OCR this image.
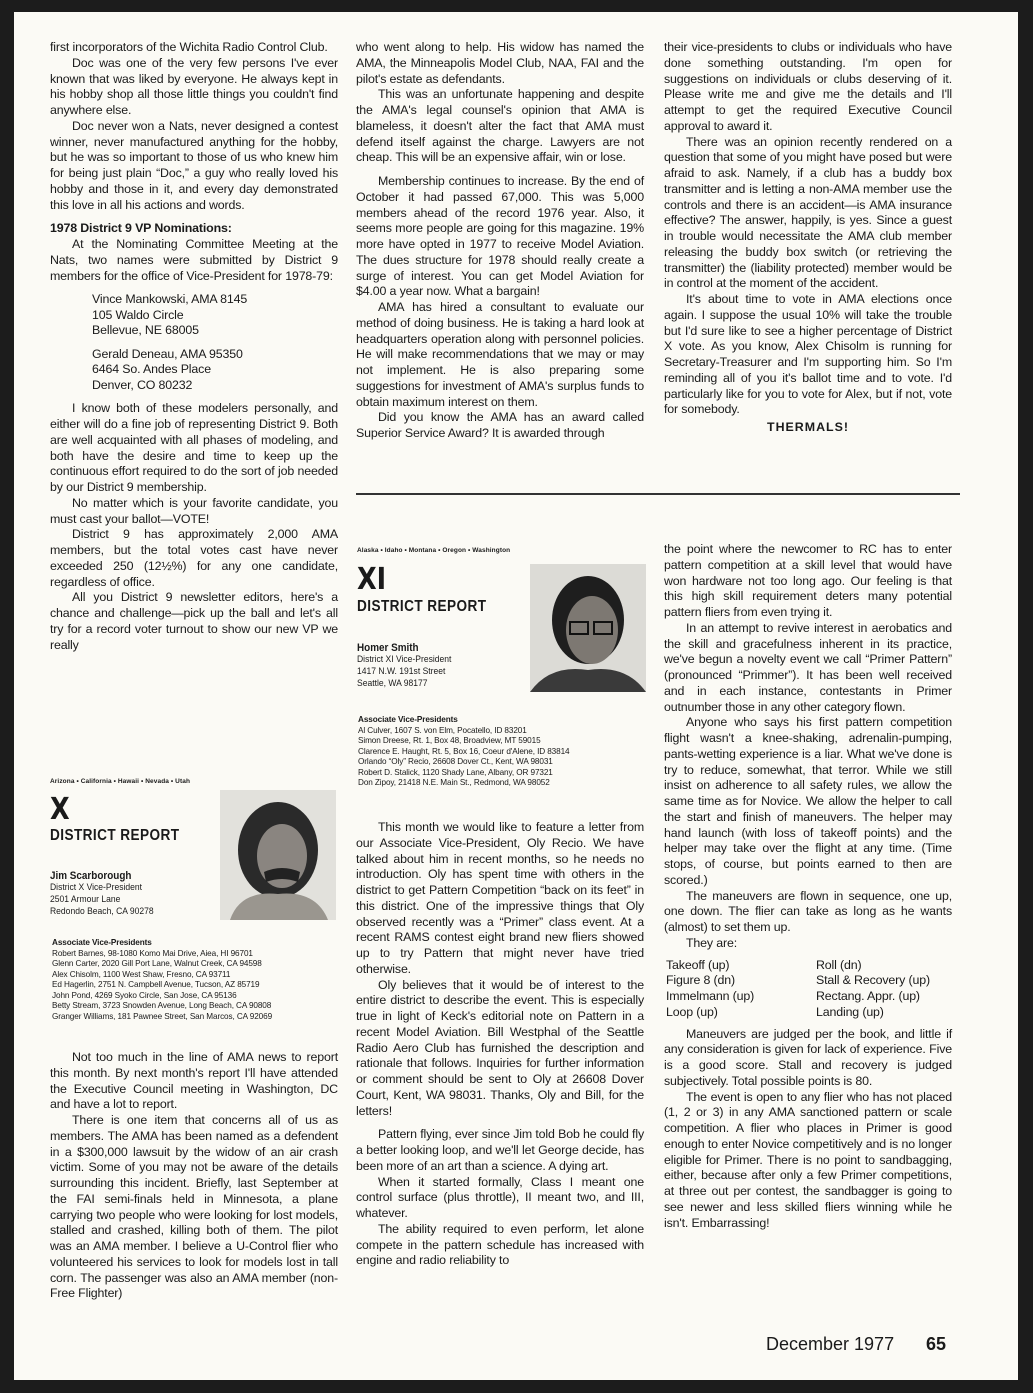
first incorporators of the Wichita Radio Control Club.

Doc was one of the very few persons I've ever known that was liked by everyone. He always kept in his hobby shop all those little things you couldn't find anywhere else.

Doc never won a Nats, never designed a contest winner, never manufactured anything for the hobby, but he was so important to those of us who knew him for being just plain “Doc,” a guy who really loved his hobby and those in it, and every day demonstrated this love in all his actions and words.

1978 District 9 VP Nominations:

At the Nominating Committee Meeting at the Nats, two names were submitted by District 9 members for the office of Vice-President for 1978-79:

Vince Mankowski, AMA 8145
105 Waldo Circle
Bellevue, NE 68005
Gerald Deneau, AMA 95350
6464 So. Andes Place
Denver, CO 80232

I know both of these modelers personally, and either will do a fine job of representing District 9. Both are well acquainted with all phases of modeling, and both have the desire and time to keep up the continuous effort required to do the sort of job needed by our District 9 membership.

No matter which is your favorite candidate, you must cast your ballot—VOTE!

District 9 has approximately 2,000 AMA members, but the total votes cast have never exceeded 250 (12½%) for any one candidate, regardless of office.

All you District 9 newsletter editors, here's a chance and challenge—pick up the ball and let's all try for a record voter turnout to show our new VP we really

who went along to help. His widow has named the AMA, the Minneapolis Model Club, NAA, FAI and the pilot's estate as defendants.

This was an unfortunate happening and despite the AMA's legal counsel's opinion that AMA is blameless, it doesn't alter the fact that AMA must defend itself against the charge. Lawyers are not cheap. This will be an expensive affair, win or lose.

Membership continues to increase. By the end of October it had passed 67,000. This was 5,000 members ahead of the record 1976 year. Also, it seems more people are going for this magazine. 19% more have opted in 1977 to receive Model Aviation. The dues structure for 1978 should really create a surge of interest. You can get Model Aviation for $4.00 a year now. What a bargain!

AMA has hired a consultant to evaluate our method of doing business. He is taking a hard look at headquarters operation along with personnel policies. He will make recommendations that we may or may not implement. He is also preparing some suggestions for investment of AMA's surplus funds to obtain maximum interest on them.

Did you know the AMA has an award called Superior Service Award? It is awarded through

their vice-presidents to clubs or individuals who have done something outstanding. I'm open for suggestions on individuals or clubs deserving of it. Please write me and give me the details and I'll attempt to get the required Executive Council approval to award it.

There was an opinion recently rendered on a question that some of you might have posed but were afraid to ask. Namely, if a club has a buddy box transmitter and is letting a non-AMA member use the controls and there is an accident—is AMA insurance effective? The answer, happily, is yes. Since a guest in trouble would necessitate the AMA club member releasing the buddy box switch (or retrieving the transmitter) the (liability protected) member would be in control at the moment of the accident.

It's about time to vote in AMA elections once again. I suppose the usual 10% will take the trouble but I'd sure like to see a higher percentage of District X vote. As you know, Alex Chisolm is running for Secretary-Treasurer and I'm supporting him. So I'm reminding all of you it's ballot time and to vote. I'd particularly like for you to vote for Alex, but if not, vote for somebody.

THERMALS!
Arizona • California • Hawaii • Nevada • Utah
X
DISTRICT REPORT
Jim Scarborough
District X Vice-President
2501 Armour Lane
Redondo Beach, CA 90278
Associate Vice-Presidents
Robert Barnes, 98-1080 Komo Mai Drive, Aiea, HI 96701
Glenn Carter, 2020 Gill Port Lane, Walnut Creek, CA 94598
Alex Chisolm, 1100 West Shaw, Fresno, CA 93711
Ed Hagerlin, 2751 N. Campbell Avenue, Tucson, AZ 85719
John Pond, 4269 Syoko Circle, San Jose, CA 95136
Betty Stream, 3723 Snowden Avenue, Long Beach, CA 90808
Granger Williams, 181 Pawnee Street, San Marcos, CA 92069

Not too much in the line of AMA news to report this month. By next month's report I'll have attended the Executive Council meeting in Washington, DC and have a lot to report.

There is one item that concerns all of us as members. The AMA has been named as a defendent in a $300,000 lawsuit by the widow of an air crash victim. Some of you may not be aware of the details surrounding this incident. Briefly, last September at the FAI semi-finals held in Minnesota, a plane carrying two people who were looking for lost models, stalled and crashed, killing both of them. The pilot was an AMA member. I believe a U-Control flier who volunteered his services to look for models lost in tall corn. The passenger was also an AMA member (non-Free Flighter)

Alaska • Idaho • Montana • Oregon • Washington
XI
DISTRICT REPORT
Homer Smith
District XI Vice-President
1417 N.W. 191st Street
Seattle, WA 98177
Associate Vice-Presidents
Al Culver, 1607 S. von Elm, Pocatello, ID 83201
Simon Dreese, Rt. 1, Box 48, Broadview, MT 59015
Clarence E. Haught, Rt. 5, Box 16, Coeur d'Alene, ID 83814
Orlando “Oly” Recio, 26608 Dover Ct., Kent, WA 98031
Robert D. Stalick, 1120 Shady Lane, Albany, OR 97321
Don Zipoy, 21418 N.E. Main St., Redmond, WA 98052

This month we would like to feature a letter from our Associate Vice-President, Oly Recio. We have talked about him in recent months, so he needs no introduction. Oly has spent time with others in the district to get Pattern Competition “back on its feet” in this district. One of the impressive things that Oly observed recently was a “Primer” class event. At a recent RAMS contest eight brand new fliers showed up to try Pattern that might never have tried otherwise.

Oly believes that it would be of interest to the entire district to describe the event. This is especially true in light of Keck's editorial note on Pattern in a recent Model Aviation. Bill Westphal of the Seattle Radio Aero Club has furnished the description and rationale that follows. Inquiries for further information or comment should be sent to Oly at 26608 Dover Court, Kent, WA 98031. Thanks, Oly and Bill, for the letters!

Pattern flying, ever since Jim told Bob he could fly a better looking loop, and we'll let George decide, has been more of an art than a science. A dying art.

When it started formally, Class I meant one control surface (plus throttle), II meant two, and III, whatever.

The ability required to even perform, let alone compete in the pattern schedule has increased with engine and radio reliability to

the point where the newcomer to RC has to enter pattern competition at a skill level that would have won hardware not too long ago. Our feeling is that this high skill requirement deters many potential pattern fliers from even trying it.

In an attempt to revive interest in aerobatics and the skill and gracefulness inherent in its practice, we've begun a novelty event we call “Primer Pattern” (pronounced “Primmer”). It has been well received and in each instance, contestants in Primer outnumber those in any other category flown.

Anyone who says his first pattern competition flight wasn't a knee-shaking, adrenalin-pumping, pants-wetting experience is a liar. What we've done is try to reduce, somewhat, that terror. While we still insist on adherence to all safety rules, we allow the same time as for Novice. We allow the helper to call the start and finish of maneuvers. The helper may hand launch (with loss of takeoff points) and the helper may take over the flight at any time. (Time stops, of course, but points earned to then are scored.)

The maneuvers are flown in sequence, one up, one down. The flier can take as long as he wants (almost) to set them up.

They are:

Takeoff (up)	Roll (dn)
Figure 8 (dn)	Stall & Recovery (up)
Immelmann (up)	Rectang. Appr. (up)
Loop (up)	Landing (up)

Maneuvers are judged per the book, and little if any consideration is given for lack of experience. Five is a good score. Stall and recovery is judged subjectively. Total possible points is 80.

The event is open to any flier who has not placed (1, 2 or 3) in any AMA sanctioned pattern or scale competition. A flier who places in Primer is good enough to enter Novice competitively and is no longer eligible for Primer. There is no point to sandbagging, either, because after only a few Primer competitions, at three out per contest, the sandbagger is going to see newer and less skilled fliers winning while he isn't. Embarrassing!

December 1977 65
